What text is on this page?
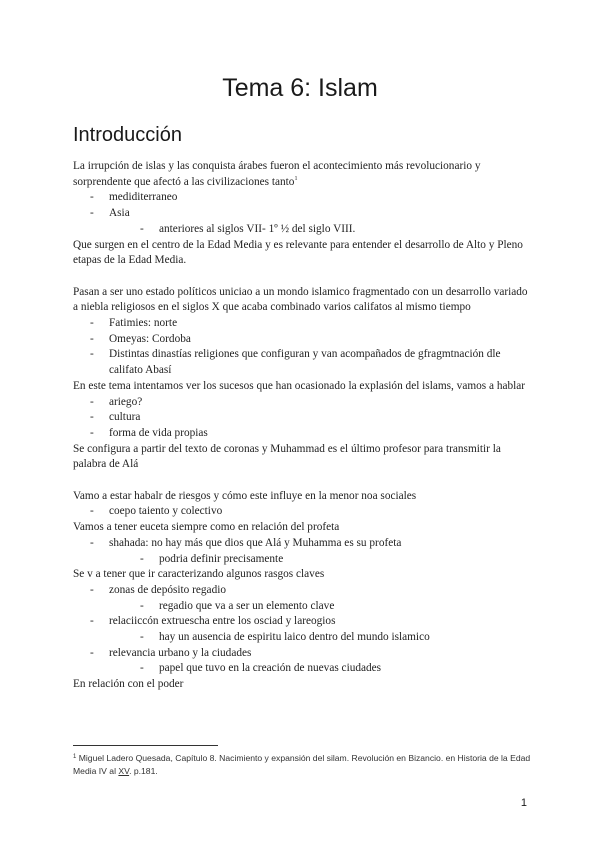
Tema 6: Islam
Introducción

La irrupción de islas y las conquista árabes fueron el acontecimiento más revolucionario y sorprendente que afectó a las civilizaciones tanto$^1$

- mediditerraneo
- Asia
- anteriores al siglos VII- 1º ½ del siglo VIII.

Que surgen en el centro de la Edad Media y es relevante para entender el desarrollo de Alto y Pleno etapas de la Edad Media.

Pasan a ser uno estado políticos uniciao a un mondo islamico fragmentado con un desarrollo variado a niebla religiosos en el siglos X que acaba combinado varios califatos al mismo tiempo

- Fatimies: norte
- Omeyas: Cordoba
- Distintas dinastías religiones que configuran y van acompañados de gfragmtnación dle califato Abasí

En este tema intentamos ver los sucesos que han ocasionado la explasión del islams, vamos a hablar

- ariego?
- cultura
- forma de vida propias

Se configura a partir del texto de coronas y Muhammad es el último profesor para transmitir la palabra de Alá

Vamo a estar habalr de riesgos y cómo este influye en la menor noa sociales

- coepo taiento y colectivo

Vamos a tener euceta siempre como en relación del profeta

- shahada: no hay más que dios que Alá y Muhamma es su profeta
- podria definir precisamente

Se v a tener que ir caracterizando algunos rasgos claves

- zonas de depósito regadio
- regadio que va a ser un elemento clave
- relaciiccón extruescha entre los osciad y lareogios
- hay un ausencia de espiritu laico dentro del mundo islamico
- relevancia urbano y la ciudades
- papel que tuvo en la creación de nuevas ciudades

En relación con el poder

$^1$ Miguel Ladero Quesada, Capítulo 8. Nacimiento y expansión del silam. Revolución en Bizancio. en Historia de la Edad Media IV al XV. p.181.
1
